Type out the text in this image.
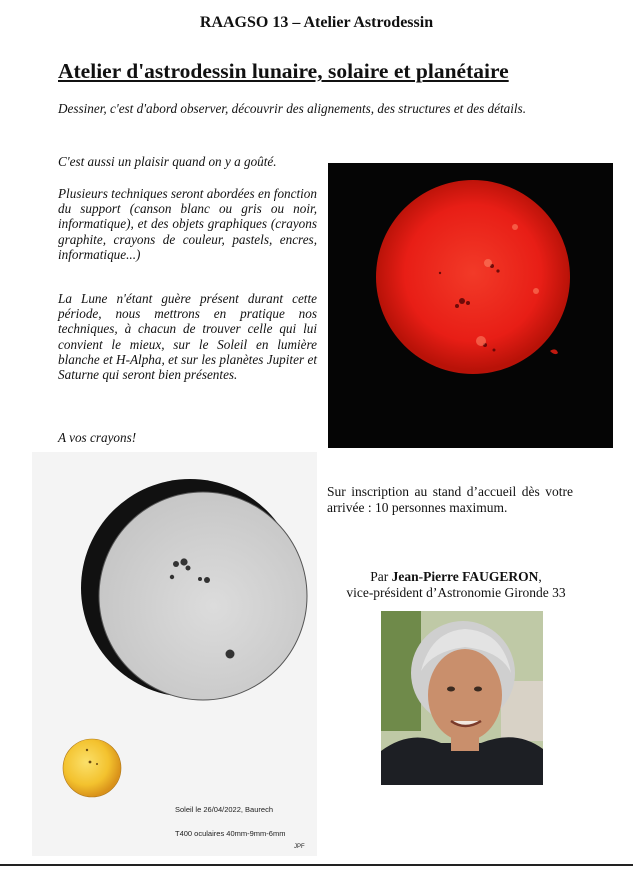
RAAGSO 13 – Atelier Astrodessin
Atelier d'astrodessin lunaire, solaire et planétaire
Dessiner, c'est d'abord observer, découvrir des alignements, des structures et des détails.
C'est aussi un plaisir quand on y a goûté.
Plusieurs techniques seront abordées en fonction du support (canson blanc ou gris ou noir, informatique), et des objets graphiques (crayons graphite, crayons de couleur, pastels, encres, informatique...)
La Lune n'étant guère présent durant cette période, nous mettrons en pratique nos techniques, à chacun de trouver celle qui lui convient le mieux, sur le Soleil en lumière blanche et H-Alpha, et sur les planètes Jupiter et Saturne qui seront bien présentes.
A vos crayons!
Soleil le 26/04/2022, Baurech
T400 oculaires 40mm-9mm-6mm
JPF
Sur inscription au stand d’accueil dès votre arrivée : 10 personnes maximum.
Par Jean-Pierre FAUGERON,
vice-président d’Astronomie Gironde 33
